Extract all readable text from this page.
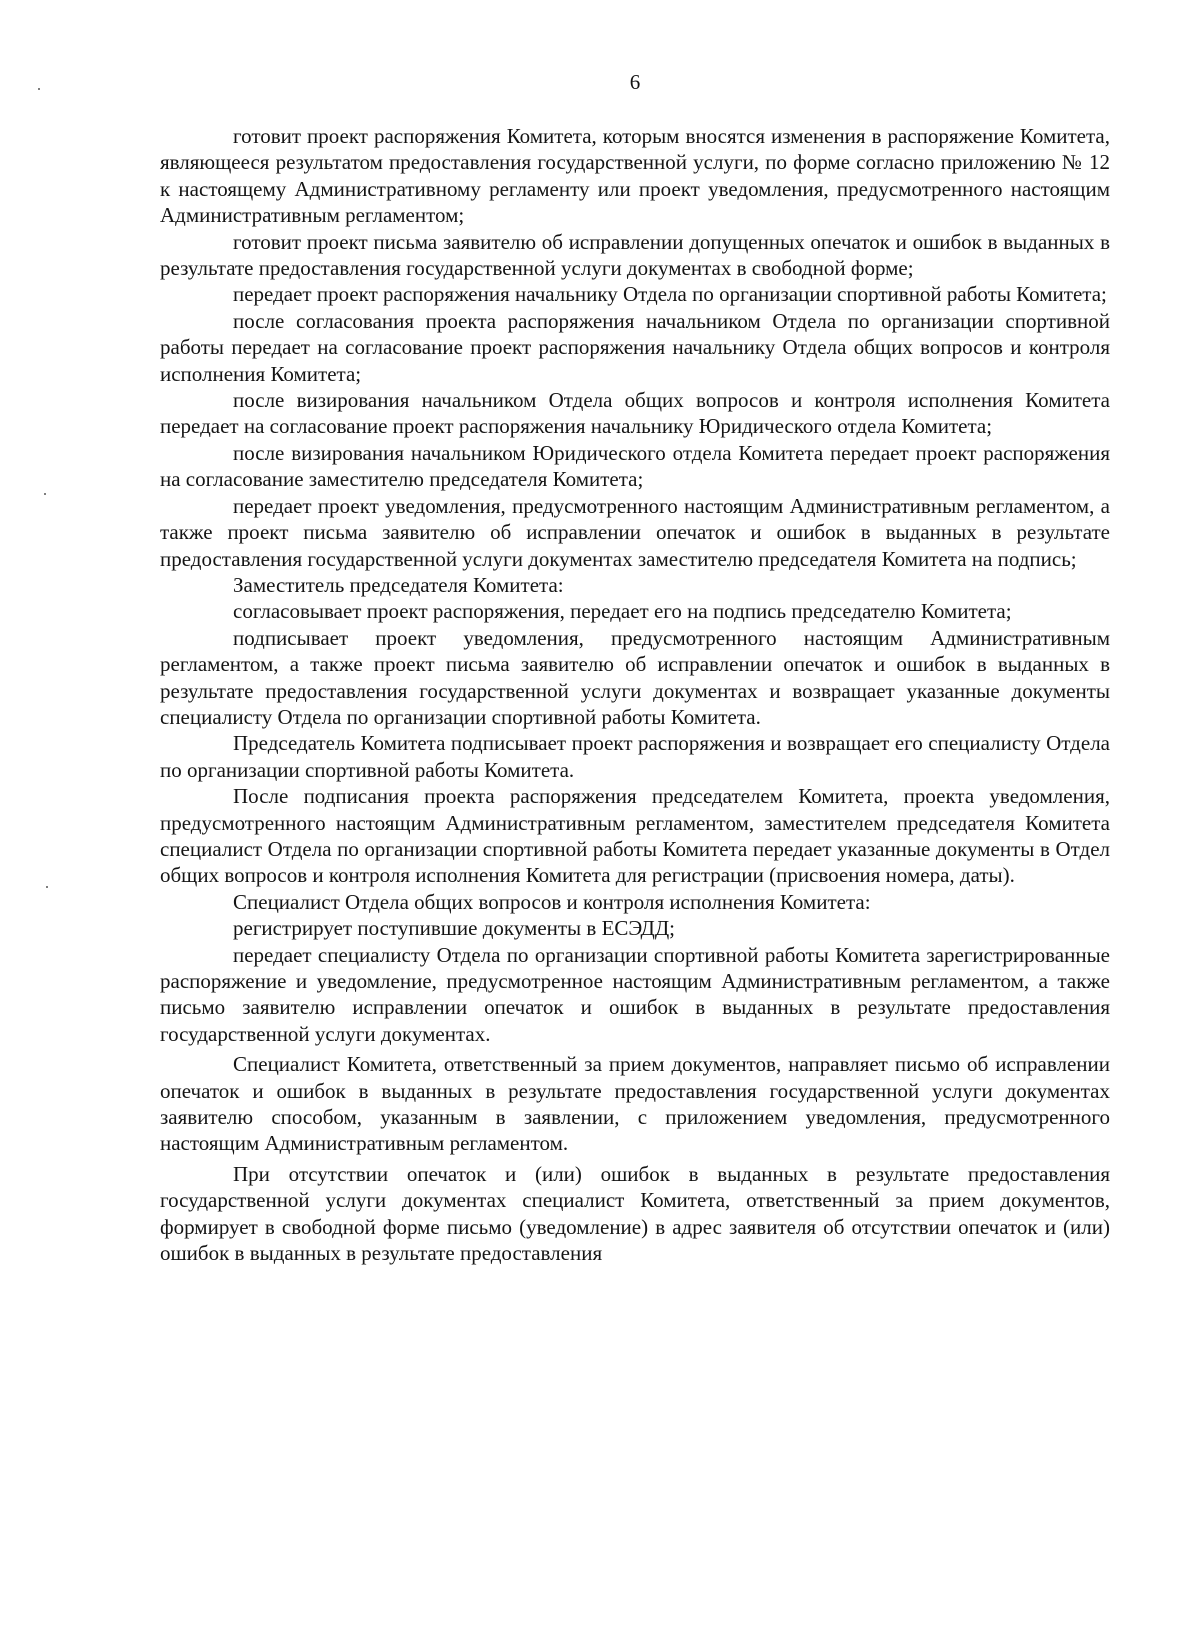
6

готовит проект распоряжения Комитета, которым вносятся изменения в распоряжение Комитета, являющееся результатом предоставления государственной услуги, по форме согласно приложению № 12 к настоящему Административному регламенту или проект уведомления, предусмотренного настоящим Административным регламентом;

готовит проект письма заявителю об исправлении допущенных опечаток и ошибок в выданных в результате предоставления государственной услуги документах в свободной форме;

передает проект распоряжения начальнику Отдела по организации спортивной работы Комитета;

после согласования проекта распоряжения начальником Отдела по организации спортивной работы передает на согласование проект распоряжения начальнику Отдела общих вопросов и контроля исполнения Комитета;

после визирования начальником Отдела общих вопросов и контроля исполнения Комитета передает на согласование проект распоряжения начальнику Юридического отдела Комитета;

после визирования начальником Юридического отдела Комитета передает проект распоряжения на согласование заместителю председателя Комитета;

передает проект уведомления, предусмотренного настоящим Административным регламентом, а также проект письма заявителю об исправлении опечаток и ошибок в выданных в результате предоставления государственной услуги документах заместителю председателя Комитета на подпись;

Заместитель председателя Комитета:

согласовывает проект распоряжения, передает его на подпись председателю Комитета;

подписывает проект уведомления, предусмотренного настоящим Административным регламентом, а также проект письма заявителю об исправлении опечаток и ошибок в выданных в результате предоставления государственной услуги документах и возвращает указанные документы специалисту Отдела по организации спортивной работы Комитета.

Председатель Комитета подписывает проект распоряжения и возвращает его специалисту Отдела по организации спортивной работы Комитета.

После подписания проекта распоряжения председателем Комитета, проекта уведомления, предусмотренного настоящим Административным регламентом, заместителем председателя Комитета специалист Отдела по организации спортивной работы Комитета передает указанные документы в Отдел общих вопросов и контроля исполнения Комитета для регистрации (присвоения номера, даты).

Специалист Отдела общих вопросов и контроля исполнения Комитета:

регистрирует поступившие документы в ЕСЭДД;

передает специалисту Отдела по организации спортивной работы Комитета зарегистрированные распоряжение и уведомление, предусмотренное настоящим Административным регламентом, а также письмо заявителю исправлении опечаток и ошибок в выданных в результате предоставления государственной услуги документах.

Специалист Комитета, ответственный за прием документов, направляет письмо об исправлении опечаток и ошибок в выданных в результате предоставления государственной услуги документах заявителю способом, указанным в заявлении, с приложением уведомления, предусмотренного настоящим Административным регламентом.

При отсутствии опечаток и (или) ошибок в выданных в результате предоставления государственной услуги документах специалист Комитета, ответственный за прием документов, формирует в свободной форме письмо (уведомление) в адрес заявителя об отсутствии опечаток и (или) ошибок в выданных в результате предоставления
